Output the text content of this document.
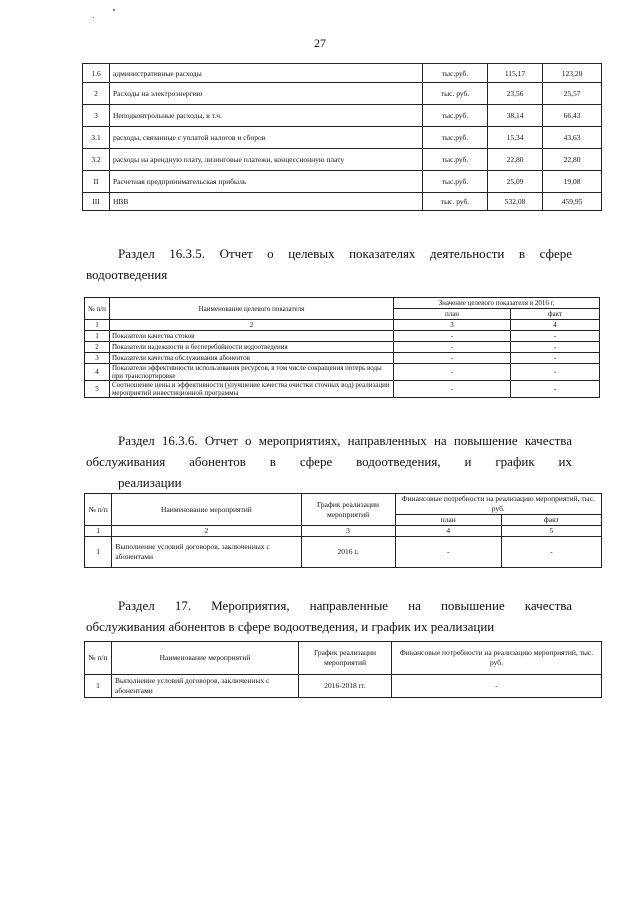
27
1.6	административные расходы	тыс.руб.	115,17	123,20
2	Расходы на электроэнергию	тыс. руб.	23,56	25,57
3	Неподконтрольные расходы, в т.ч.	тыс.руб.	38,14	66,43
3.1	расходы, связанные с уплатой налогов и сборов	тыс.руб.	15,34	43,63
3.2	расходы на арендную плату, лизинговые платежи, концессионную плату	тыс.руб.	22,80	22,80
II	Расчетная предпринимательская прибыль	тыс.руб.	25,09	19,08
III	НВВ	тыс. руб.	532,08	459,95
Раздел 16.3.5. Отчет о целевых показателях деятельности в сфере
водоотведения
№ п/п	Наименование целевого показателя	Значение целевого показателя в 2016 г.	
		план	факт
1	2	3	4
1	Показатели качества стоков	-	-
2	Показатели надежности и бесперебойности водоотведения	-	-
3	Показатели качества обслуживания абонентов	-	-
4	Показатели эффективности использования ресурсов, в том числе сокращения потерь воды при транспортировке	-	-
5	Соотношение цены и эффективности (улучшение качества очистки сточных вод) реализации мероприятий инвестиционной программы	-	-
Раздел 16.3.6. Отчет о мероприятиях, направленных на повышение качества обслуживания абонентов в сфере водоотведения, и график их
реализации
№ п/п	Наименование мероприятий	График реализации мероприятий	Финансовые потребности на реализацию мероприятий, тыс. руб.	
			план	факт
1	2	3	4	5
1	Выполнение условий договоров, заключенных с абонентами	2016 г.	-	-
Раздел 17. Мероприятия, направленные на повышение качества
обслуживания абонентов в сфере водоотведения, и график их реализации
№ п/п	Наименование мероприятий	График реализации мероприятий	Финансовые потребности на реализацию мероприятий, тыс. руб.
1	Выполнение условий договоров, заключенных с абонентами	2016-2018 гг.	-
